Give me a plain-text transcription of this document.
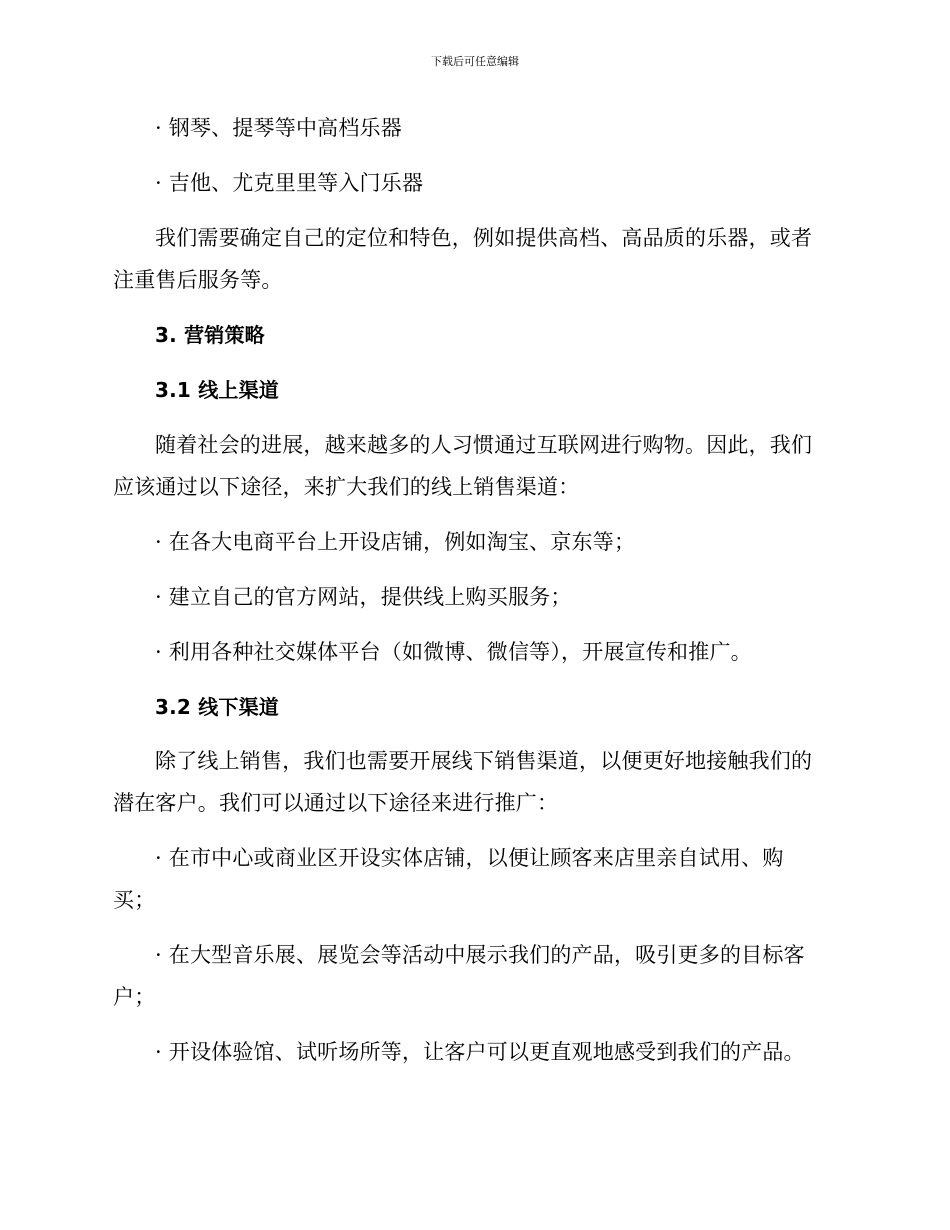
下载后可任意编辑
· 钢琴、提琴等中高档乐器
· 吉他、尤克里里等入门乐器
我们需要确定自己的定位和特色，例如提供高档、高品质的乐器，或者
注重售后服务等。
3. 营销策略
3.1 线上渠道
随着社会的进展，越来越多的人习惯通过互联网进行购物。因此，我们
应该通过以下途径，来扩大我们的线上销售渠道：
· 在各大电商平台上开设店铺，例如淘宝、京东等；
· 建立自己的官方网站，提供线上购买服务；
· 利用各种社交媒体平台（如微博、微信等），开展宣传和推广。
3.2 线下渠道
除了线上销售，我们也需要开展线下销售渠道，以便更好地接触我们的
潜在客户。我们可以通过以下途径来进行推广：
· 在市中心或商业区开设实体店铺，以便让顾客来店里亲自试用、购
买；
· 在大型音乐展、展览会等活动中展示我们的产品，吸引更多的目标客
户；
· 开设体验馆、试听场所等，让客户可以更直观地感受到我们的产品。
